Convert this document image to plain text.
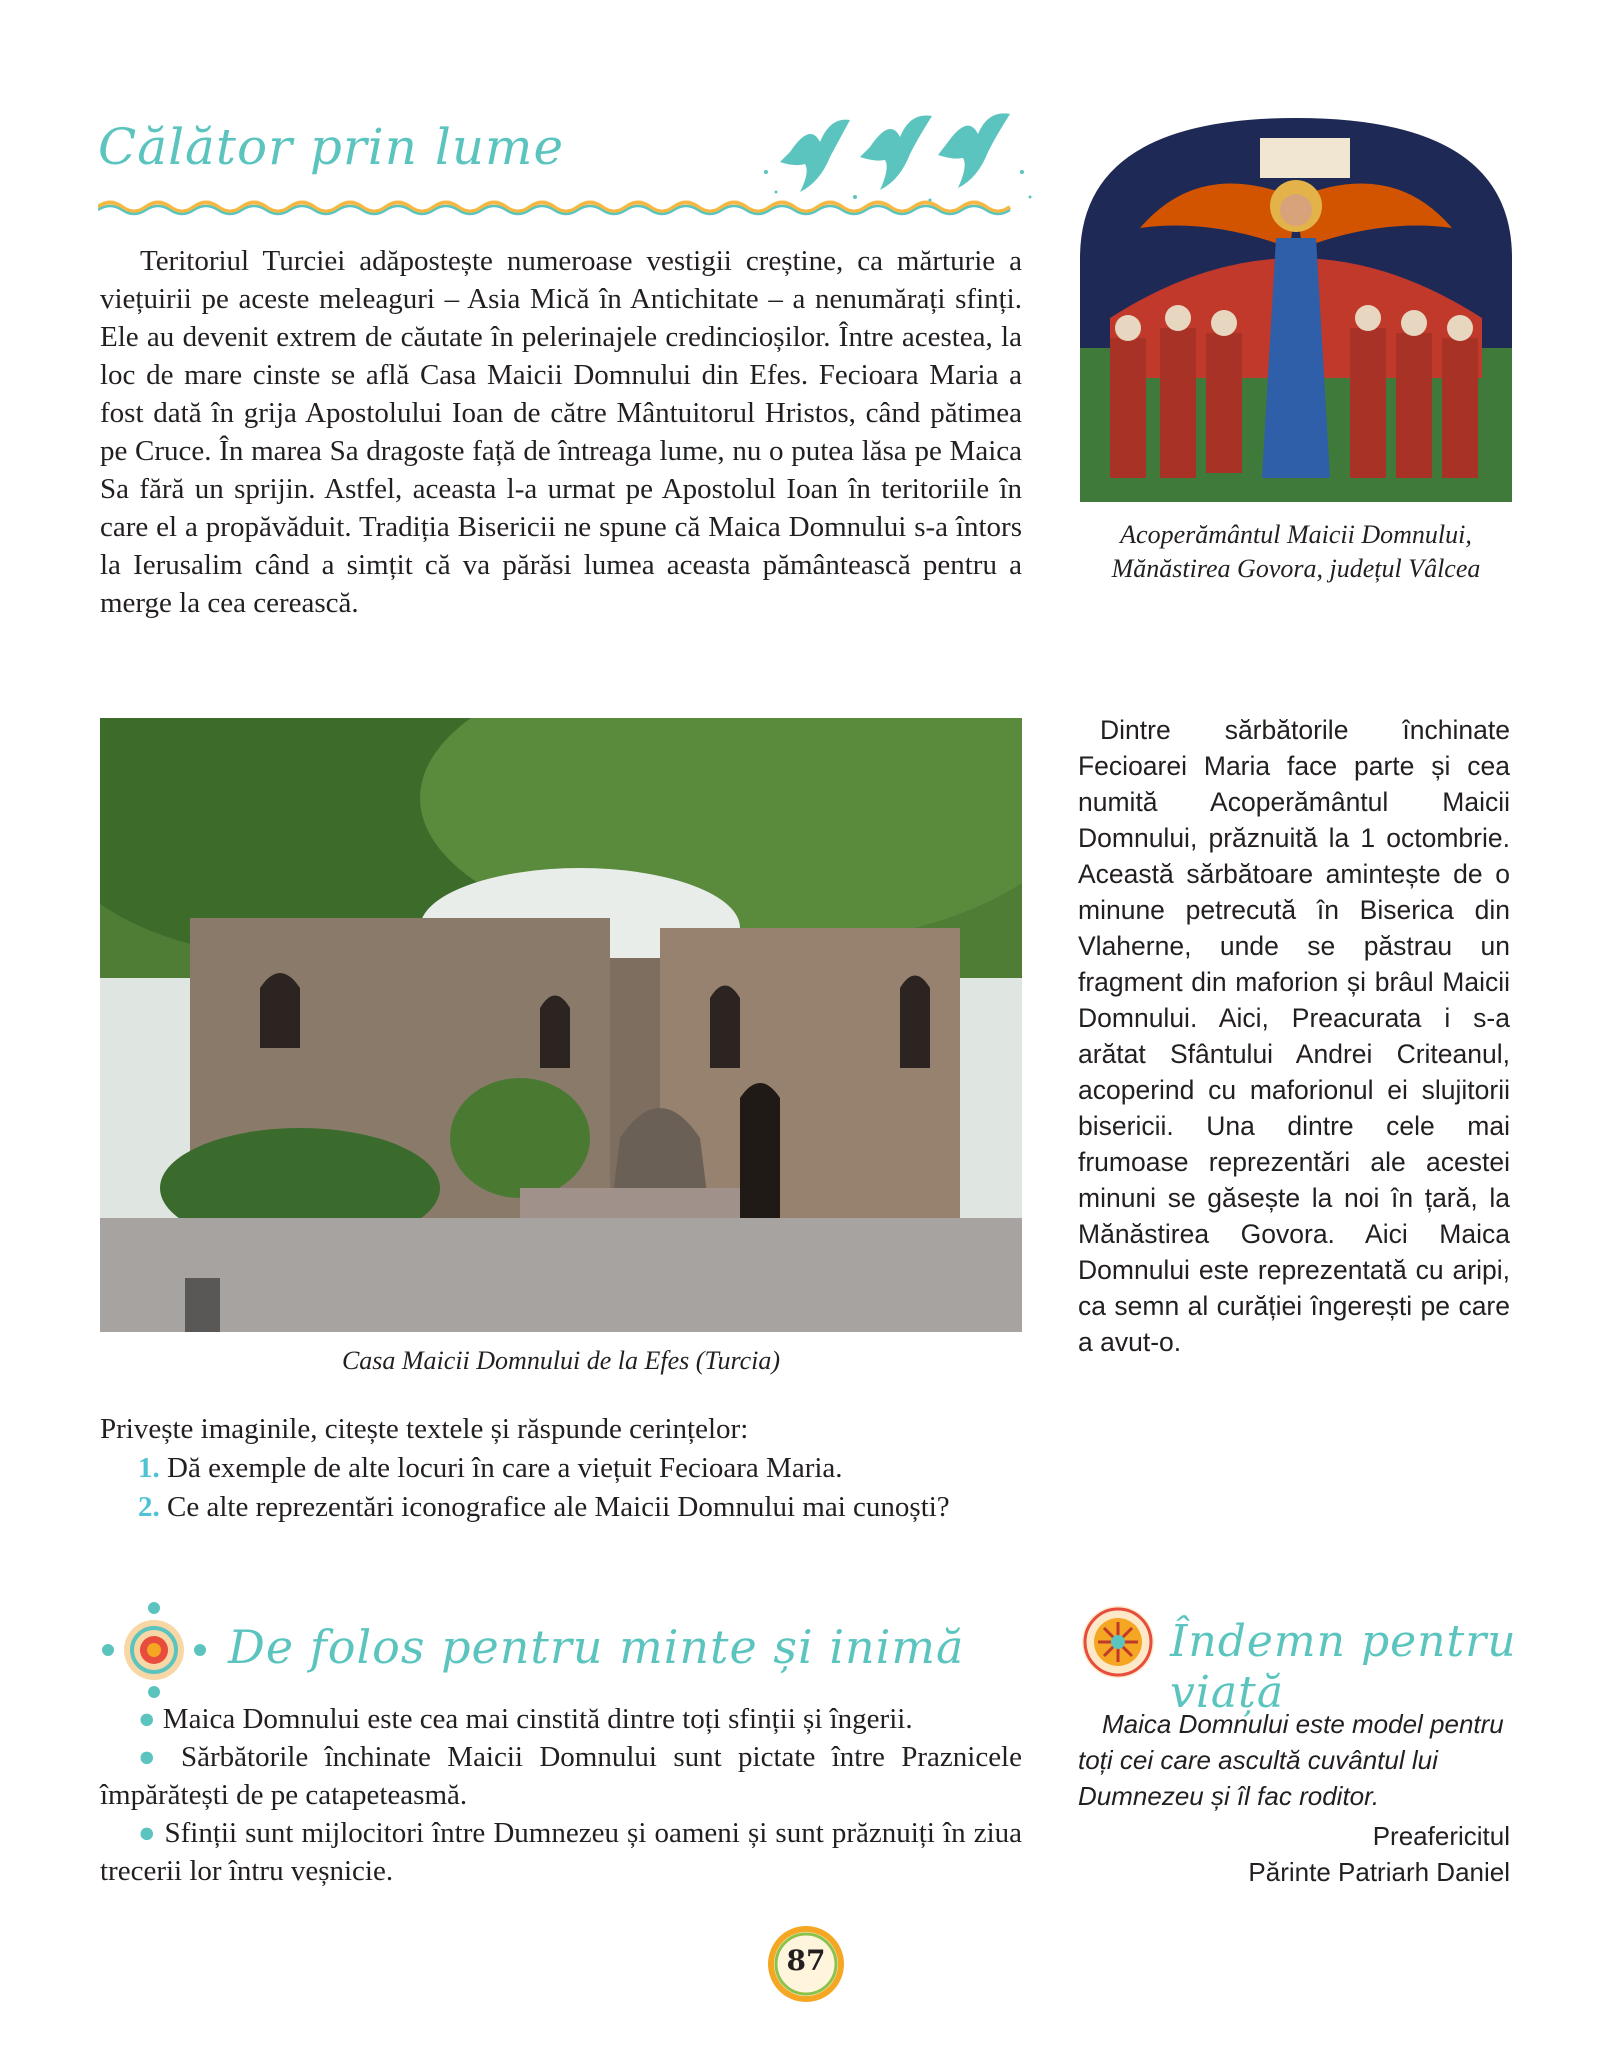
Călător prin lume
Teritoriul Turciei adăpostește numeroase vestigii creștine, ca mărturie a viețuirii pe aceste meleaguri – Asia Mică în Antichitate – a nenumărați sfinți. Ele au devenit extrem de căutate în pelerinajele credincioșilor. Între acestea, la loc de mare cinste se află Casa Maicii Domnului din Efes. Fecioara Maria a fost dată în grija Apostolului Ioan de către Mântuitorul Hristos, când pătimea pe Cruce. În marea Sa dragoste față de întreaga lume, nu o putea lăsa pe Maica Sa fără un sprijin. Astfel, aceasta l-a urmat pe Apostolul Ioan în teritoriile în care el a propăvăduit. Tradiția Bisericii ne spune că Maica Domnului s-a întors la Ierusalim când a simțit că va părăsi lumea aceasta pământească pentru a merge la cea cerească.
Acoperământul Maicii Domnului,
Mănăstirea Govora, județul Vâlcea
Casa Maicii Domnului de la Efes (Turcia)
Dintre sărbătorile închinate Fecioarei Maria face parte și cea numită Acoperământul Maicii Domnului, prăznuită la 1 octombrie. Această sărbătoare amintește de o minune petrecută în Biserica din Vlaherne, unde se păstrau un fragment din maforion și brâul Maicii Domnului. Aici, Preacurata i s-a arătat Sfântului Andrei Criteanul, acoperind cu maforionul ei slujitorii bisericii. Una dintre cele mai frumoase reprezentări ale acestei minuni se găsește la noi în țară, la Mănăstirea Govora. Aici Maica Domnului este reprezentată cu aripi, ca semn al curăției îngerești pe care a avut-o.
Privește imaginile, citește textele și răspunde cerințelor:
1. Dă exemple de alte locuri în care a viețuit Fecioara Maria.
2. Ce alte reprezentări iconografice ale Maicii Domnului mai cunoști?
De folos pentru minte și inimă
● Maica Domnului este cea mai cinstită dintre toți sfinții și îngerii.
● Sărbătorile închinate Maicii Domnului sunt pictate între Praznicele împărătești de pe catapeteasmă.
● Sfinții sunt mijlocitori între Dumnezeu și oameni și sunt prăznuiți în ziua trecerii lor întru veșnicie.
Îndemn pentru viață
Maica Domnului este model pentru toți cei care ascultă cuvântul lui Dumnezeu și îl fac roditor.
Preafericitul
Părinte Patriarh Daniel
87
